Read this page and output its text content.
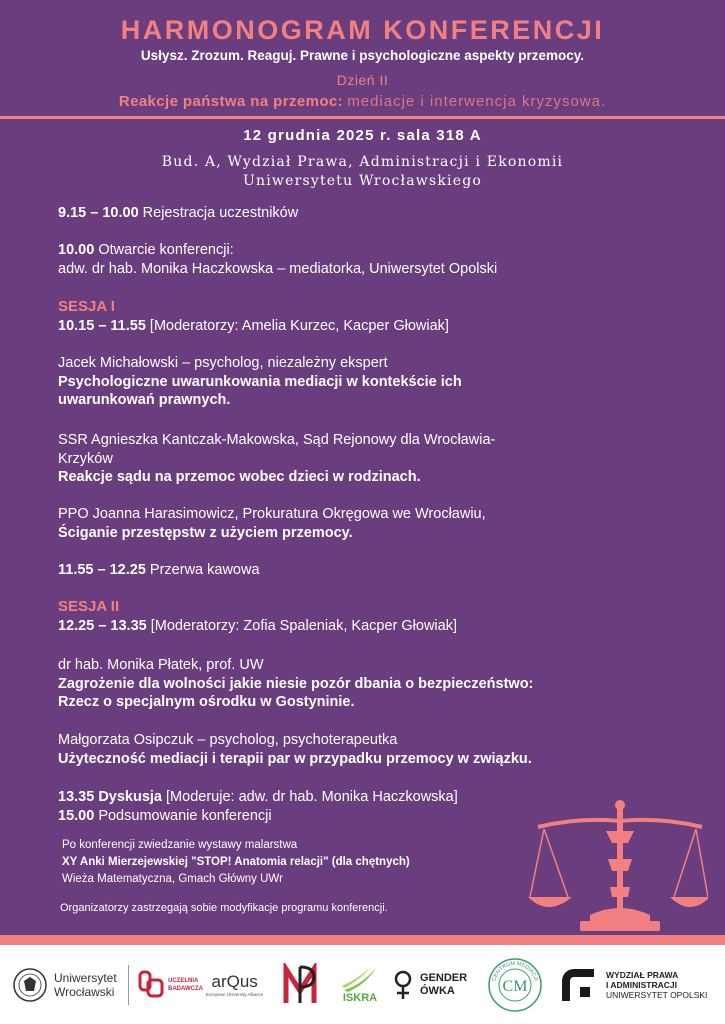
HARMONOGRAM KONFERENCJI
Usłysz. Zrozum. Reaguj. Prawne i psychologiczne aspekty przemocy.
Dzień II
Reakcje państwa na przemoc: mediacje i interwencja kryzysowa.
12 grudnia 2025 r. sala 318 A
Bud. A, Wydział Prawa, Administracji i Ekonomii
Uniwersytetu Wrocławskiego
9.15 – 10.00 Rejestracja uczestników
10.00 Otwarcie konferencji:
adw. dr hab. Monika Haczkowska – mediatorka, Uniwersytet Opolski
SESJA I
10.15 – 11.55 [Moderatorzy: Amelia Kurzec, Kacper Głowiak]
Jacek Michałowski – psycholog, niezależny ekspert
Psychologiczne uwarunkowania mediacji w kontekście ich
uwarunkowań prawnych.
SSR Agnieszka Kantczak-Makowska, Sąd Rejonowy dla Wrocławia-
Krzyków
Reakcje sądu na przemoc wobec dzieci w rodzinach.
PPO Joanna Harasimowicz, Prokuratura Okręgowa we Wrocławiu,
Ściganie przestępstw z użyciem przemocy.
11.55 – 12.25 Przerwa kawowa
SESJA II
12.25 – 13.35 [Moderatorzy: Zofia Spaleniak, Kacper Głowiak]
dr hab. Monika Płatek, prof. UW
Zagrożenie dla wolności jakie niesie pozór dbania o bezpieczeństwo:
Rzecz o specjalnym ośrodku w Gostyninie.
Małgorzata Osipczuk – psycholog, psychoterapeutka
Użyteczność mediacji i terapii par w przypadku przemocy w związku.
13.35 Dyskusja [Moderuje: adw. dr hab. Monika Haczkowska]
15.00 Podsumowanie konferencji
Po konferencji zwiedzanie wystawy malarstwa
XY Anki Mierzejewskiej "STOP! Anatomia relacji" (dla chętnych)
Wieża Matematyczna, Gmach Główny UWr
Organizatorzy zastrzegają sobie modyfikacje programu konferencji.
Uniwersytet
Wrocławski
UCZELNIA
BADAWCZA arQus
European University Alliance	ISKRA
GENDER
ÓWKA
CENTRUM MEDIACJI
CM
WYDZIAŁ PRAWA
I ADMINISTRACJI
UNIWERSYTET OPOLSKI
